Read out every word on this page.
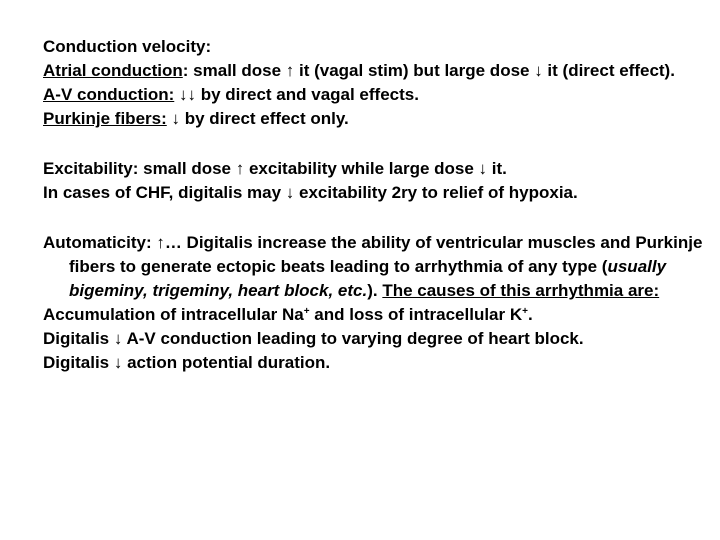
Conduction velocity:

Atrial conduction: small dose ↑ it (vagal stim) but large dose ↓ it (direct effect).

A-V conduction: ↓↓ by direct and vagal effects.

Purkinje fibers: ↓ by direct effect only.

Excitability: small dose ↑ excitability while large dose ↓ it.

In cases of CHF, digitalis may ↓ excitability 2ry to relief of hypoxia.

Automaticity: ↑… Digitalis increase the ability of ventricular muscles and Purkinje fibers to generate ectopic beats leading to arrhythmia of any type (usually bigeminy, trigeminy, heart block, etc.). The causes of this arrhythmia are:

Accumulation of intracellular Na+ and loss of intracellular K+.

Digitalis ↓ A-V conduction leading to varying degree of heart block.

Digitalis ↓ action potential duration.
